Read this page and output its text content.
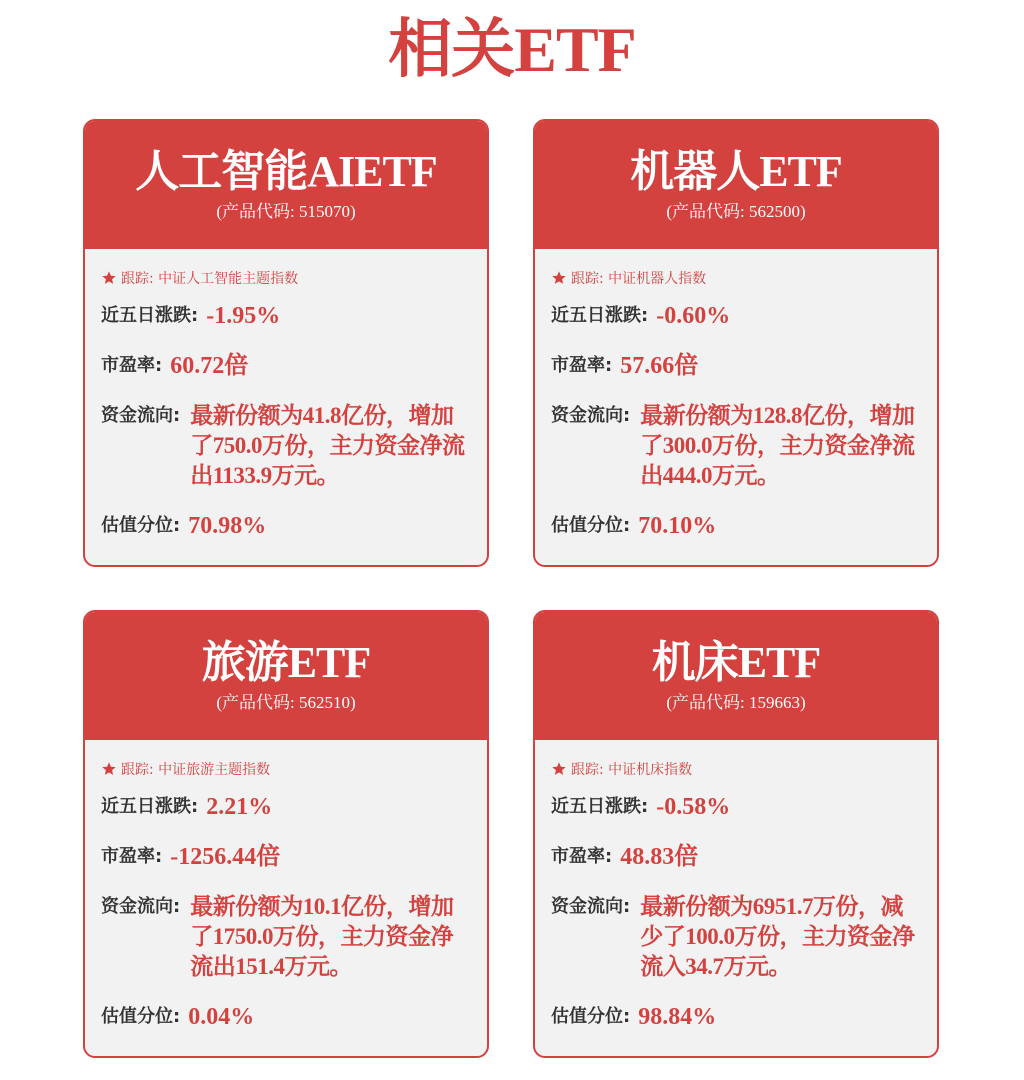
相关ETF
人工智能AIETF
(产品代码: 515070)
跟踪: 中证人工智能主题指数
近五日涨跌: -1.95%
市盈率: 60.72倍
资金流向: 最新份额为41.8亿份，增加了750.0万份，主力资金净流出1133.9万元。
估值分位: 70.98%
机器人ETF
(产品代码: 562500)
跟踪: 中证机器人指数
近五日涨跌: -0.60%
市盈率: 57.66倍
资金流向: 最新份额为128.8亿份，增加了300.0万份，主力资金净流出444.0万元。
估值分位: 70.10%
旅游ETF
(产品代码: 562510)
跟踪: 中证旅游主题指数
近五日涨跌: 2.21%
市盈率: -1256.44倍
资金流向: 最新份额为10.1亿份，增加了1750.0万份，主力资金净流出151.4万元。
估值分位: 0.04%
机床ETF
(产品代码: 159663)
跟踪: 中证机床指数
近五日涨跌: -0.58%
市盈率: 48.83倍
资金流向: 最新份额为6951.7万份，减少了100.0万份，主力资金净流入34.7万元。
估值分位: 98.84%
